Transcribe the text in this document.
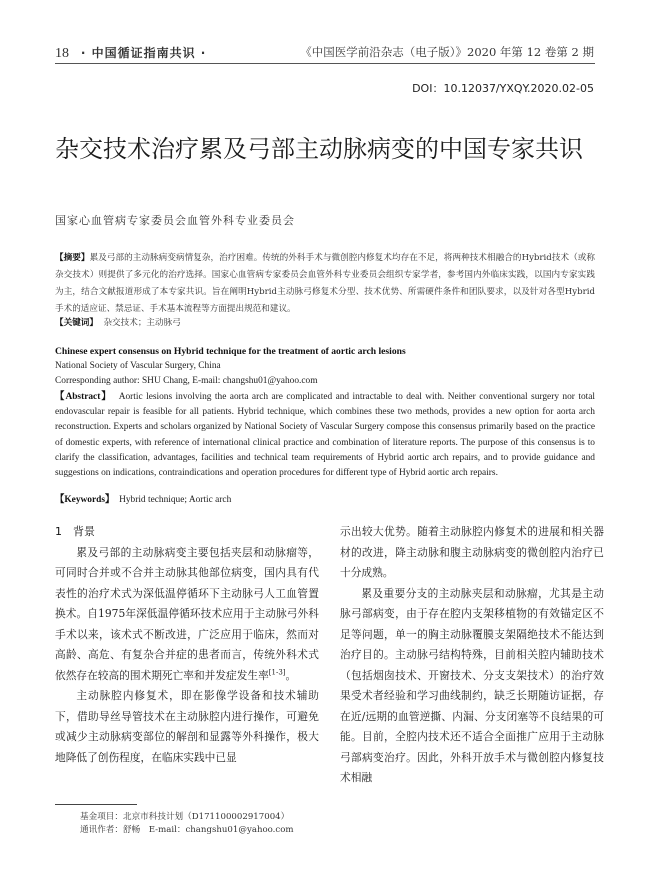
18 · 中国循证指南共识 ·	《中国医学前沿杂志（电子版）》2020 年第 12 卷第 2 期
DOI：10.12037/YXQY.2020.02-05
杂交技术治疗累及弓部主动脉病变的中国专家共识
国家心血管病专家委员会血管外科专业委员会
【摘要】累及弓部的主动脉病变病情复杂，治疗困难。传统的外科手术与微创腔内修复术均存在不足，将两种技术相融合的Hybrid技术（或称杂交技术）则提供了多元化的治疗选择。国家心血管病专家委员会血管外科专业委员会组织专家学者，参考国内外临床实践，以国内专家实践为主，结合文献报道形成了本专家共识。旨在阐明Hybrid主动脉弓修复术分型、技术优势、所需硬件条件和团队要求，以及针对各型Hybrid手术的适应证、禁忌证、手术基本流程等方面提出规范和建议。
【关键词】 杂交技术；主动脉弓
Chinese expert consensus on Hybrid technique for the treatment of aortic arch lesions
National Society of Vascular Surgery, China
Corresponding author: SHU Chang, E-mail: changshu01@yahoo.com
【Abstract】 Aortic lesions involving the aorta arch are complicated and intractable to deal with. Neither conventional surgery nor total endovascular repair is feasible for all patients. Hybrid technique, which combines these two methods, provides a new option for aorta arch reconstruction. Experts and scholars organized by National Society of Vascular Surgery compose this consensus primarily based on the practice of domestic experts, with reference of international clinical practice and combination of literature reports. The purpose of this consensus is to clarify the classification, advantages, facilities and technical team requirements of Hybrid aortic arch repairs, and to provide guidance and suggestions on indications, contraindications and operation procedures for different type of Hybrid aortic arch repairs.
【Keywords】 Hybrid technique; Aortic arch

1　背景

累及弓部的主动脉病变主要包括夹层和动脉瘤等，可同时合并或不合并主动脉其他部位病变，国内具有代表性的治疗术式为深低温停循环下主动脉弓人工血管置换术。自1975年深低温停循环技术应用于主动脉弓外科手术以来，该术式不断改进，广泛应用于临床，然而对高龄、高危、有复杂合并症的患者而言，传统外科术式依然存在较高的围术期死亡率和并发症发生率[1-3]。

主动脉腔内修复术，即在影像学设备和技术辅助下，借助导丝导管技术在主动脉腔内进行操作，可避免或减少主动脉病变部位的解剖和显露等外科操作，极大地降低了创伤程度，在临床实践中已显

示出较大优势。随着主动脉腔内修复术的进展和相关器材的改进，降主动脉和腹主动脉病变的微创腔内治疗已十分成熟。

累及重要分支的主动脉夹层和动脉瘤，尤其是主动脉弓部病变，由于存在腔内支架移植物的有效锚定区不足等问题，单一的胸主动脉覆膜支架隔绝技术不能达到治疗目的。主动脉弓结构特殊，目前相关腔内辅助技术（包括烟囱技术、开窗技术、分支支架技术）的治疗效果受术者经验和学习曲线制约，缺乏长期随访证据，存在近/远期的血管逆撕、内漏、分支闭塞等不良结果的可能。目前，全腔内技术还不适合全面推广应用于主动脉弓部病变治疗。因此，外科开放手术与微创腔内修复技术相融

基金项目：北京市科技计划（D171100002917004）
通讯作者：舒畅　E-mail：changshu01@yahoo.com
